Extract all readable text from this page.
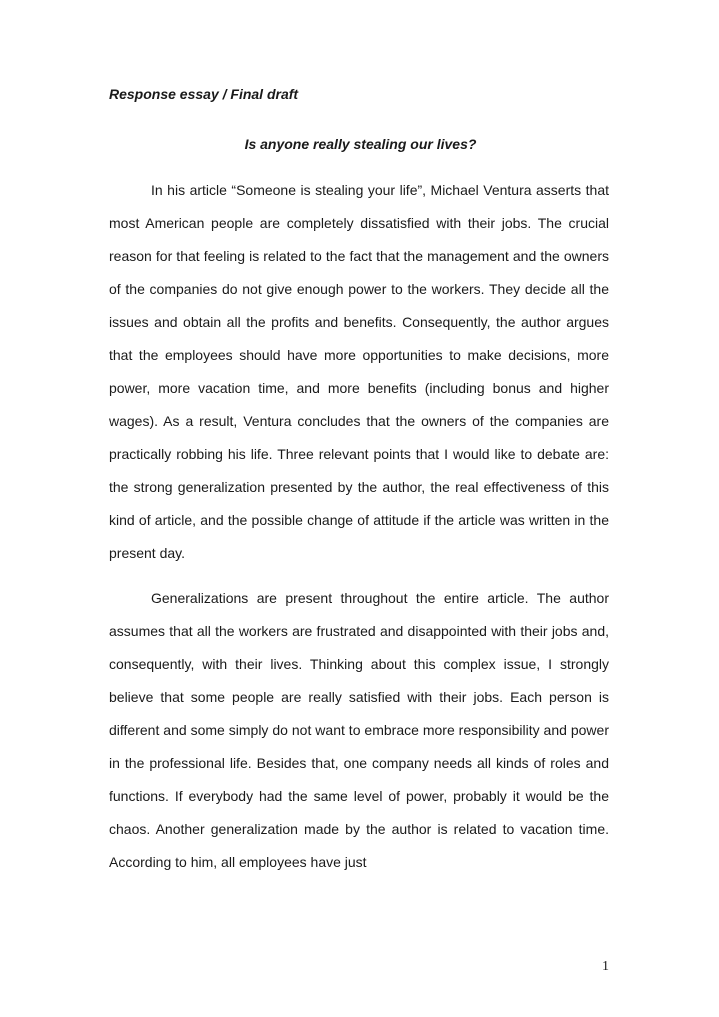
Response essay / Final draft
Is anyone really stealing our lives?

In his article “Someone is stealing your life”, Michael Ventura asserts that most American people are completely dissatisfied with their jobs. The crucial reason for that feeling is related to the fact that the management and the owners of the companies do not give enough power to the workers. They decide all the issues and obtain all the profits and benefits. Consequently, the author argues that the employees should have more opportunities to make decisions, more power, more vacation time, and more benefits (including bonus and higher wages). As a result, Ventura concludes that the owners of the companies are practically robbing his life. Three relevant points that I would like to debate are: the strong generalization presented by the author, the real effectiveness of this kind of article, and the possible change of attitude if the article was written in the present day.

Generalizations are present throughout the entire article. The author assumes that all the workers are frustrated and disappointed with their jobs and, consequently, with their lives. Thinking about this complex issue, I strongly believe that some people are really satisfied with their jobs. Each person is different and some simply do not want to embrace more responsibility and power in the professional life. Besides that, one company needs all kinds of roles and functions. If everybody had the same level of power, probably it would be the chaos. Another generalization made by the author is related to vacation time. According to him, all employees have just

1
